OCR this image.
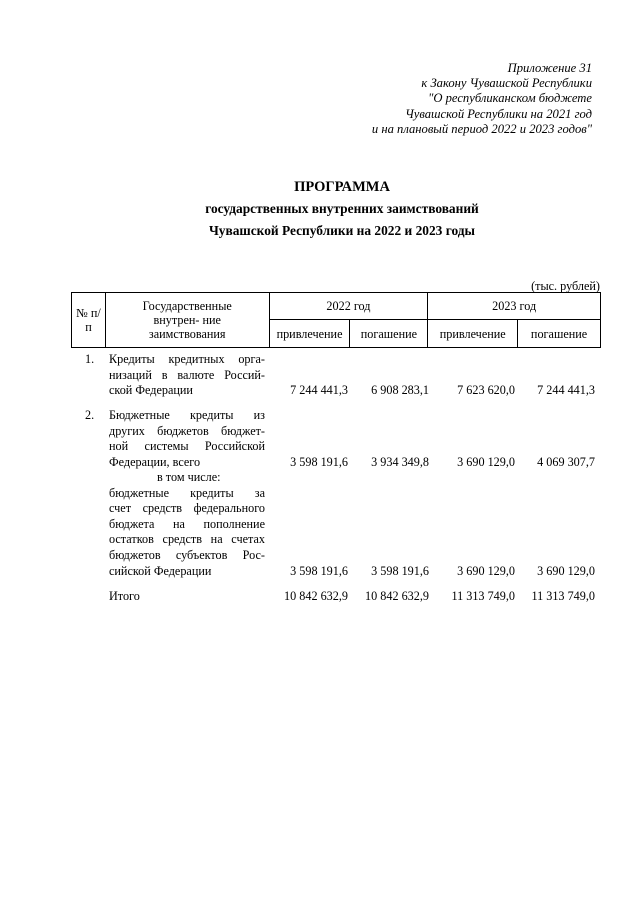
Приложение 31
к Закону Чувашской Республики
"О республиканском бюджете
Чувашской Республики на 2021 год
и на плановый период 2022 и 2023 годов"
ПРОГРАММА
государственных внутренних заимствований
Чувашской Республики на 2022 и 2023 годы
(тыс. рублей)
№ п/п	Государственные внутрен- ние заимствования	2022 год		2023 год	
		привлечение	погашение	привлечение	погашение
1.	Кредиты кредитных орга-
низаций в валюте Россий-
ской Федерации	7 244 441,3	6 908 283,1	7 623 620,0	7 244 441,3
2.	Бюджетные кредиты из
других бюджетов бюджет-
ной системы Российской
Федерации, всего	3 598 191,6	3 934 349,8	3 690 129,0	4 069 307,7
в том числе:
бюджетные кредиты за
счет средств федерального
бюджета на пополнение
остатков средств на счетах
бюджетов субъектов Рос-
сийской Федерации	3 598 191,6	3 598 191,6	3 690 129,0	3 690 129,0
Итого	10 842 632,9	10 842 632,9	11 313 749,0	11 313 749,0
